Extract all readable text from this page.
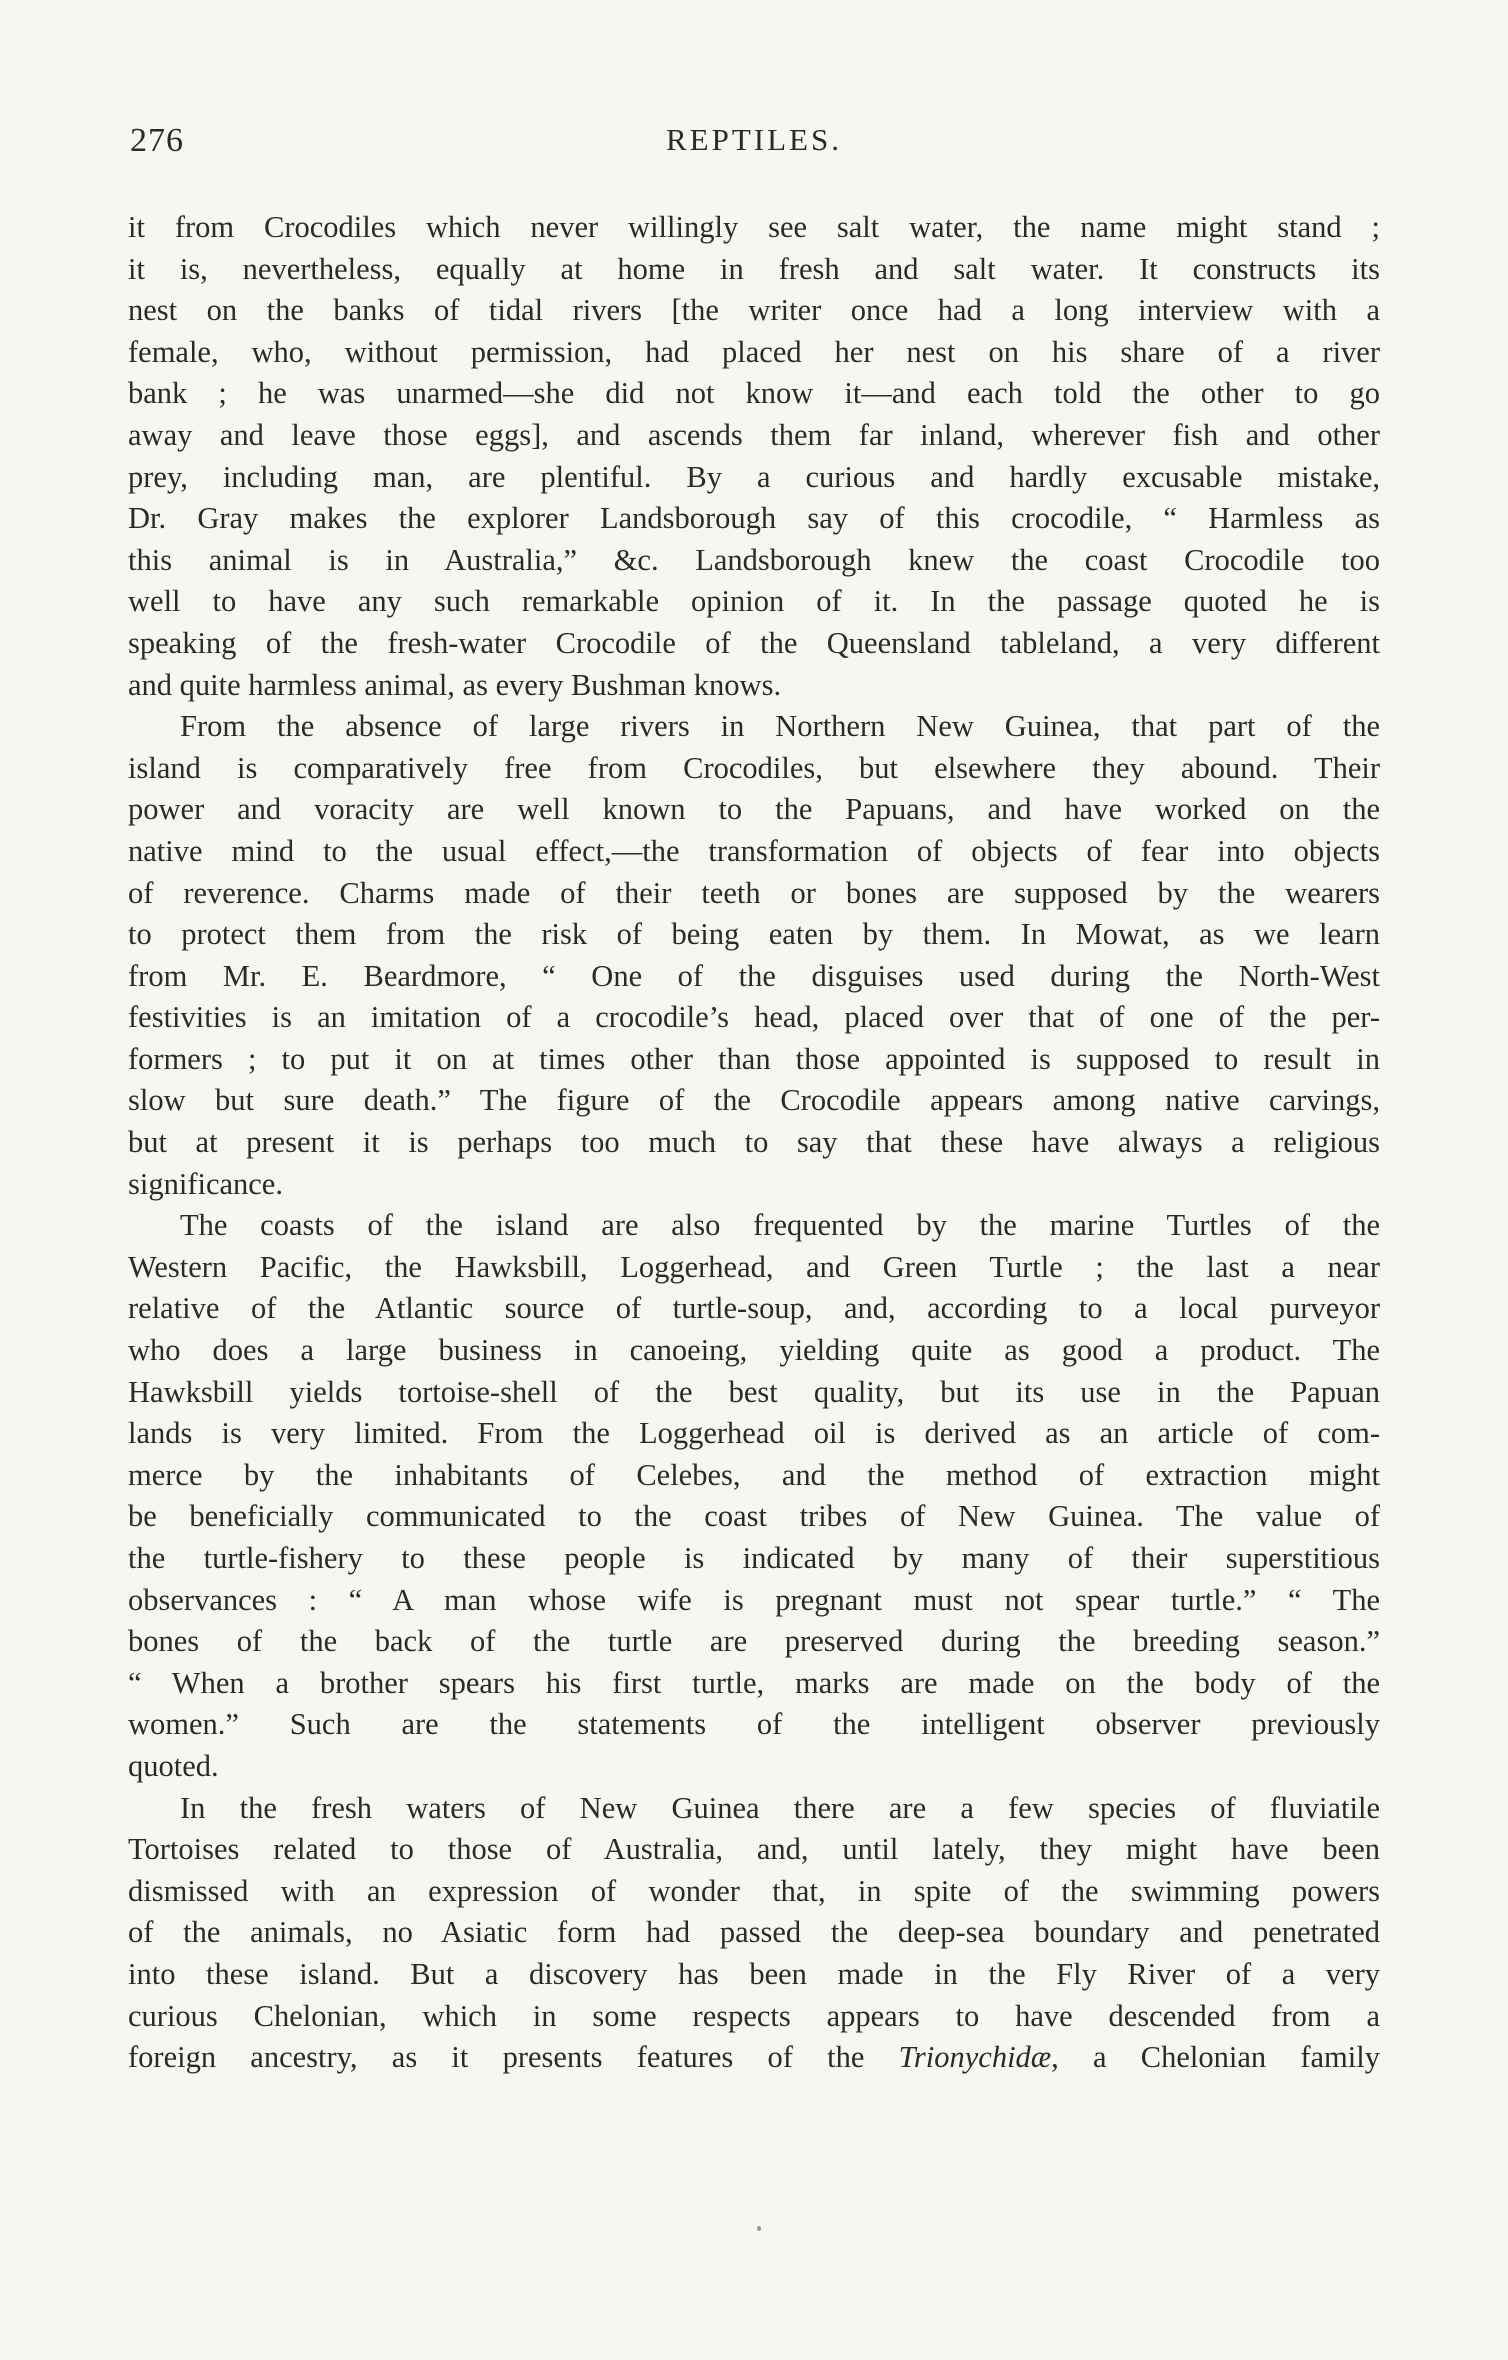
276	REPTILES.

it from Crocodiles which never willingly see salt water, the name might stand ;
it is, nevertheless, equally at home in fresh and salt water. It constructs its
nest on the banks of tidal rivers [the writer once had a long interview with a
female, who, without permission, had placed her nest on his share of a river
bank ; he was unarmed—she did not know it—and each told the other to go
away and leave those eggs], and ascends them far inland, wherever fish and other
prey, including man, are plentiful. By a curious and hardly excusable mistake,
Dr. Gray makes the explorer Landsborough say of this crocodile, “ Harmless as
this animal is in Australia,” &c. Landsborough knew the coast Crocodile too
well to have any such remarkable opinion of it. In the passage quoted he is
speaking of the fresh-water Crocodile of the Queensland tableland, a very different
and quite harmless animal, as every Bushman knows.

From the absence of large rivers in Northern New Guinea, that part of the
island is comparatively free from Crocodiles, but elsewhere they abound. Their
power and voracity are well known to the Papuans, and have worked on the
native mind to the usual effect,—the transformation of objects of fear into objects
of reverence. Charms made of their teeth or bones are supposed by the wearers
to protect them from the risk of being eaten by them. In Mowat, as we learn
from Mr. E. Beardmore, “ One of the disguises used during the North-West
festivities is an imitation of a crocodile’s head, placed over that of one of the per-
formers ; to put it on at times other than those appointed is supposed to result in
slow but sure death.” The figure of the Crocodile appears among native carvings,
but at present it is perhaps too much to say that these have always a religious
significance.

The coasts of the island are also frequented by the marine Turtles of the
Western Pacific, the Hawksbill, Loggerhead, and Green Turtle ; the last a near
relative of the Atlantic source of turtle-soup, and, according to a local purveyor
who does a large business in canoeing, yielding quite as good a product. The
Hawksbill yields tortoise-shell of the best quality, but its use in the Papuan
lands is very limited. From the Loggerhead oil is derived as an article of com-
merce by the inhabitants of Celebes, and the method of extraction might
be beneficially communicated to the coast tribes of New Guinea. The value of
the turtle-fishery to these people is indicated by many of their superstitious
observances : “ A man whose wife is pregnant must not spear turtle.” “ The
bones of the back of the turtle are preserved during the breeding season.”
“ When a brother spears his first turtle, marks are made on the body of the
women.” Such are the statements of the intelligent observer previously
quoted.

In the fresh waters of New Guinea there are a few species of fluviatile
Tortoises related to those of Australia, and, until lately, they might have been
dismissed with an expression of wonder that, in spite of the swimming powers
of the animals, no Asiatic form had passed the deep-sea boundary and penetrated
into these island. But a discovery has been made in the Fly River of a very
curious Chelonian, which in some respects appears to have descended from a
foreign ancestry, as it presents features of the Trionychidæ, a Chelonian family
